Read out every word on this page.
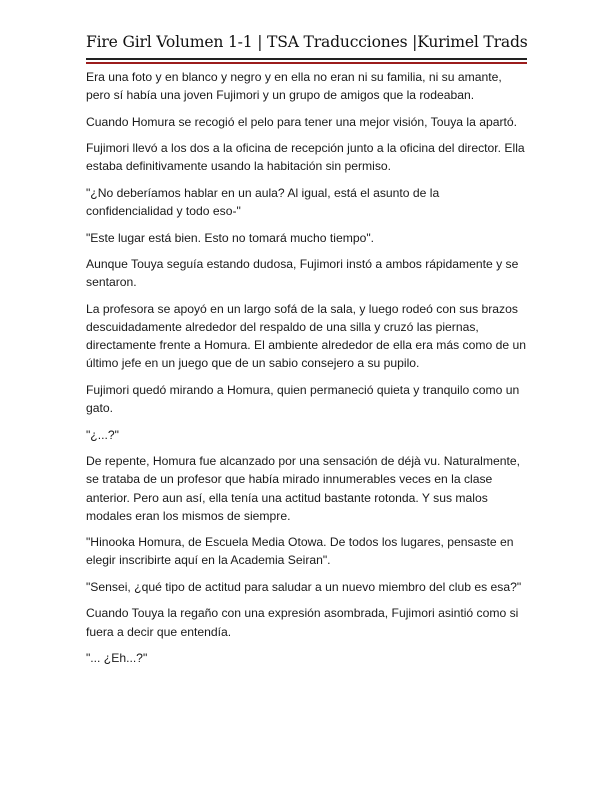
Fire Girl Volumen 1-1 | TSA Traducciones |Kurimel Trads

Era una foto y en blanco y negro y en ella no eran ni su familia, ni su amante, pero sí había una joven Fujimori y un grupo de amigos que la rodeaban.

Cuando Homura se recogió el pelo para tener una mejor visión, Touya la apartó.

Fujimori llevó a los dos a la oficina de recepción junto a la oficina del director. Ella estaba definitivamente usando la habitación sin permiso.

"¿No deberíamos hablar en un aula? Al igual, está el asunto de la confidencialidad y todo eso-"

"Este lugar está bien. Esto no tomará mucho tiempo".

Aunque Touya seguía estando dudosa, Fujimori instó a ambos rápidamente y se sentaron.

La profesora se apoyó en un largo sofá de la sala, y luego rodeó con sus brazos descuidadamente alrededor del respaldo de una silla y cruzó las piernas, directamente frente a Homura. El ambiente alrededor de ella era más como de un último jefe en un juego que de un sabio consejero a su pupilo.

Fujimori quedó mirando a Homura, quien permaneció quieta y tranquilo como un gato.

"¿...?"

De repente, Homura fue alcanzado por una sensación de déjà vu. Naturalmente, se trataba de un profesor que había mirado innumerables veces en la clase anterior. Pero aun así, ella tenía una actitud bastante rotonda. Y sus malos modales eran los mismos de siempre.

"Hinooka Homura, de Escuela Media Otowa. De todos los lugares, pensaste en elegir inscribirte aquí en la Academia Seiran".

"Sensei, ¿qué tipo de actitud para saludar a un nuevo miembro del club es esa?"

Cuando Touya la regaño con una expresión asombrada, Fujimori asintió como si fuera a decir que entendía.

"... ¿Eh...?"
